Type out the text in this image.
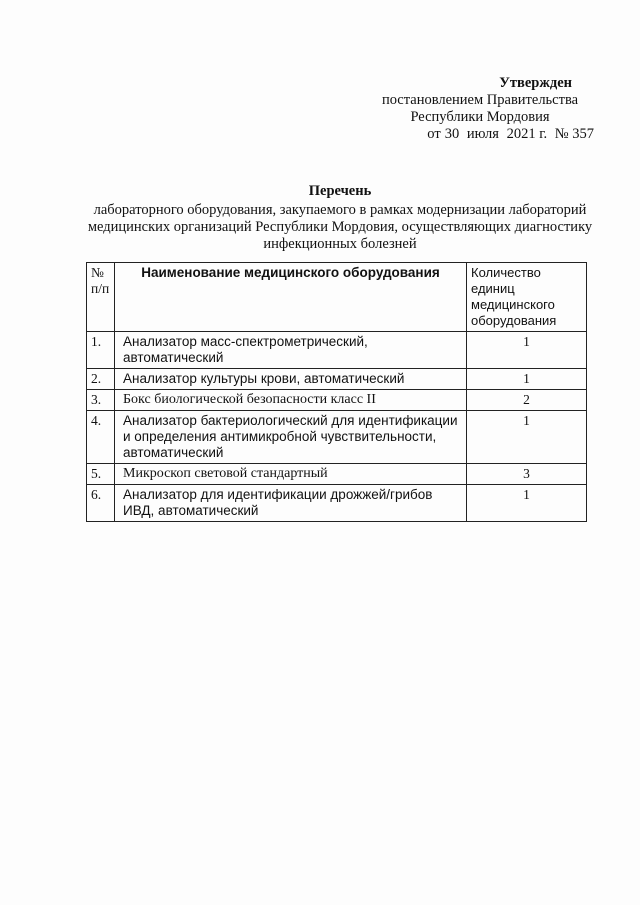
Утвержден
постановлением Правительства
Республики Мордовия
от 30 июля 2021 г. № 357
Перечень
лабораторного оборудования, закупаемого в рамках модернизации лабораторий медицинских организаций Республики Мордовия, осуществляющих диагностику инфекционных болезней
№ п/п	Наименование медицинского оборудования	Количество единиц медицинского оборудования
1.	Анализатор масс-спектрометрический, автоматический	1
2.	Анализатор культуры крови, автоматический	1
3.	Бокс биологической безопасности класс II	2
4.	Анализатор бактериологический для идентификации и определения антимикробной чувствительности, автоматический	1
5.	Микроскоп световой стандартный	3
6.	Анализатор для идентификации дрожжей/грибов ИВД, автоматический	1
